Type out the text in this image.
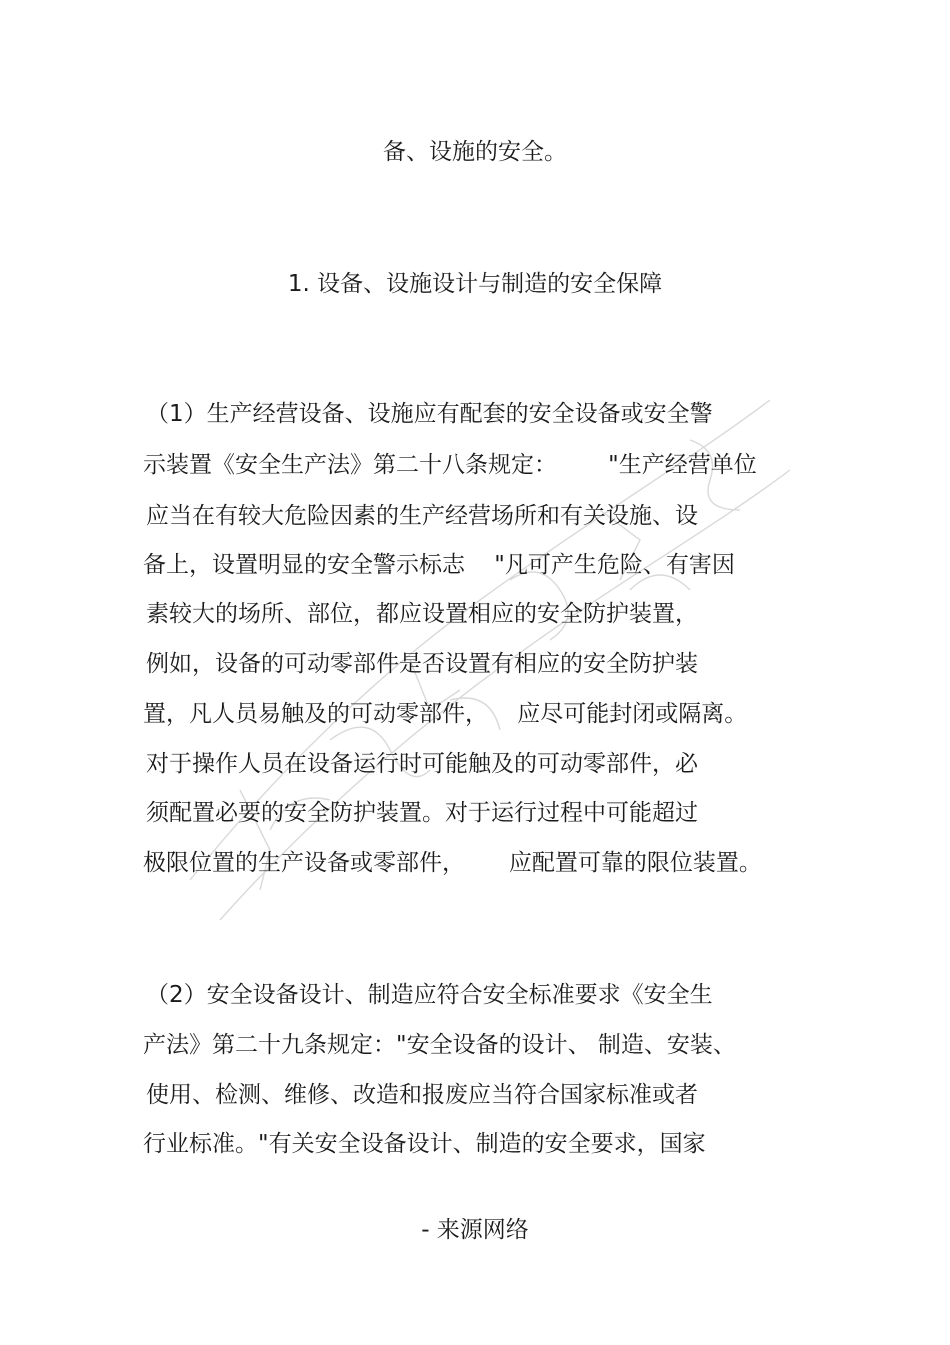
备、设施的安全。
1. 设备、设施设计与制造的安全保障
（1）生产经营设备、设施应有配套的安全设备或安全警
示装置《安全生产法》第二十八条规定：       "生产经营单位
应当在有较大危险因素的生产经营场所和有关设施、设
备上，设置明显的安全警示标志    "凡可产生危险、有害因
素较大的场所、部位，都应设置相应的安全防护装置，
例如，设备的可动零部件是否设置有相应的安全防护装
置，凡人员易触及的可动零部件，    应尽可能封闭或隔离。
对于操作人员在设备运行时可能触及的可动零部件，必
须配置必要的安全防护装置。对于运行过程中可能超过
极限位置的生产设备或零部件，      应配置可靠的限位装置。
（2）安全设备设计、制造应符合安全标准要求《安全生
产法》第二十九条规定："安全设备的设计、 制造、安装、
使用、检测、维修、改造和报废应当符合国家标准或者
行业标准。"有关安全设备设计、制造的安全要求，国家
- 来源网络
